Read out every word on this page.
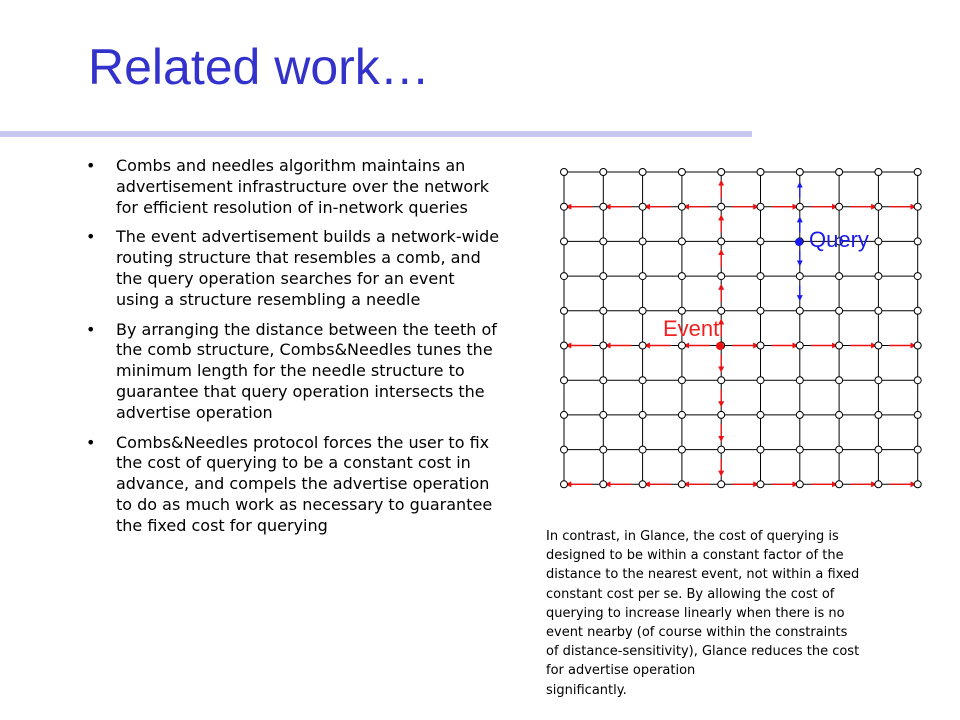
Related work…
• Combs and needles algorithm maintains an advertisement infrastructure over the network for efficient resolution of in-network queries
• The event advertisement builds a network-wide routing structure that resembles a comb, and the query operation searches for an event using a structure resembling a needle
• By arranging the distance between the teeth of the comb structure, Combs&Needles tunes the minimum length for the needle structure to guarantee that query operation intersects the advertise operation
• Combs&Needles protocol forces the user to fix the cost of querying to be a constant cost in advance, and compels the advertise operation to do as much work as necessary to guarantee the fixed cost for querying
Query
Event

In contrast, in Glance, the cost of querying is
designed to be within a constant factor of the
distance to the nearest event, not within a fixed
constant cost per se. By allowing the cost of
querying to increase linearly when there is no
event nearby (of course within the constraints
of distance-sensitivity), Glance reduces the cost
for advertise operation
significantly.
